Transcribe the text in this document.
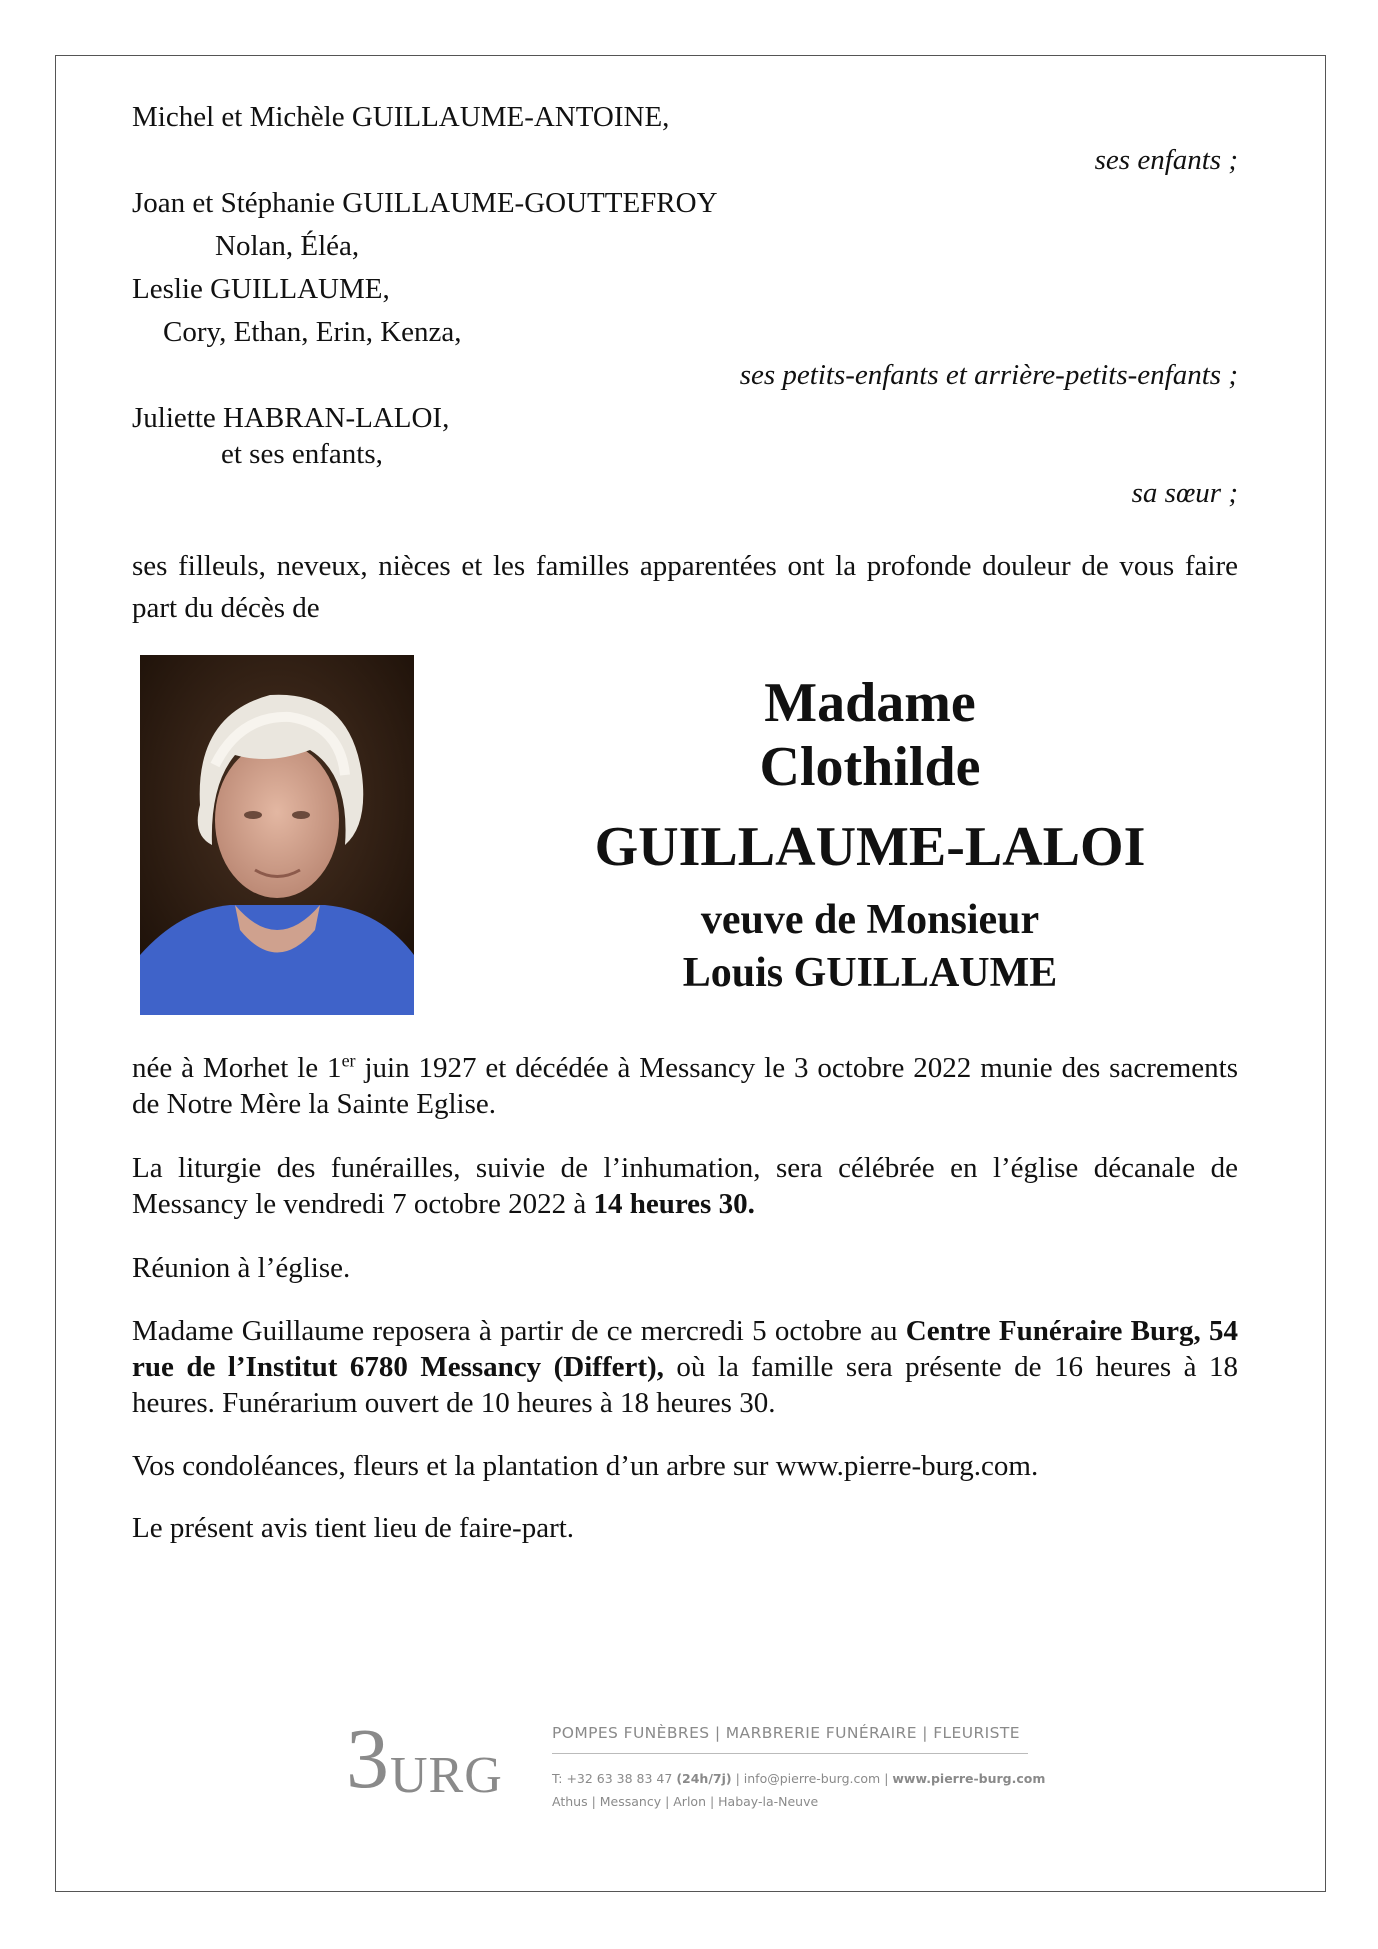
Michel et Michèle GUILLAUME-ANTOINE,
ses enfants ;
Joan et Stéphanie GUILLAUME-GOUTTEFROY
Nolan, Éléa,
Leslie GUILLAUME,
Cory, Ethan, Erin, Kenza,
ses petits-enfants et arrière-petits-enfants ;
Juliette HABRAN-LALOI,
et ses enfants,
sa sœur ;
ses filleuls, neveux, nièces et les familles apparentées ont la profonde douleur de vous faire part du décès de
Madame
Clothilde
GUILLAUME-LALOI
veuve de Monsieur
Louis GUILLAUME
née à Morhet le 1er juin 1927 et décédée à Messancy le 3 octobre 2022 munie des sacrements de Notre Mère la Sainte Eglise.
La liturgie des funérailles, suivie de l’inhumation, sera célébrée en l’église décanale de Messancy le vendredi 7 octobre 2022 à 14 heures 30.
Réunion à l’église.
Madame Guillaume reposera à partir de ce mercredi 5 octobre au Centre Funéraire Burg, 54 rue de l’Institut 6780 Messancy (Differt), où la famille sera présente de 16 heures à 18 heures. Funérarium ouvert de 10 heures à 18 heures 30.
Vos condoléances, fleurs et la plantation d’un arbre sur www.pierre-burg.com.
Le présent avis tient lieu de faire-part.
3 URG
POMPES FUNÈBRES | MARBRERIE FUNÉRAIRE | FLEURISTE
T: +32 63 38 83 47 (24h/7j) | info@pierre-burg.com | www.pierre-burg.com
Athus | Messancy | Arlon | Habay-la-Neuve
